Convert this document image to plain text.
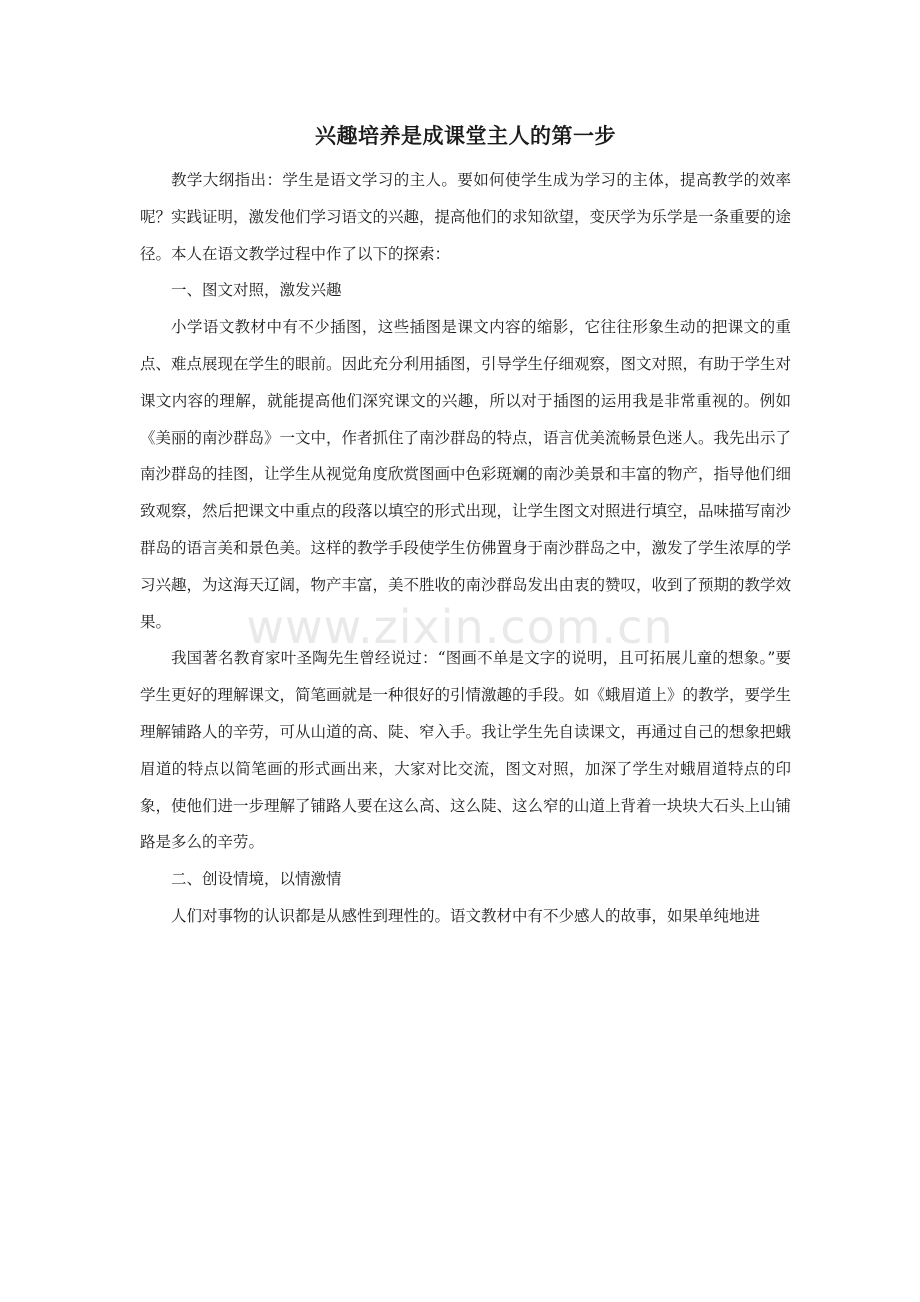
兴趣培养是成课堂主人的第一步

教学大纲指出：学生是语文学习的主人。要如何使学生成为学习的主体，提高教学的效率呢？实践证明，激发他们学习语文的兴趣，提高他们的求知欲望，变厌学为乐学是一条重要的途径。本人在语文教学过程中作了以下的探索：

一、图文对照，激发兴趣

小学语文教材中有不少插图，这些插图是课文内容的缩影，它往往形象生动的把课文的重点、难点展现在学生的眼前。因此充分利用插图，引导学生仔细观察，图文对照，有助于学生对课文内容的理解，就能提高他们深究课文的兴趣，所以对于插图的运用我是非常重视的。例如《美丽的南沙群岛》一文中，作者抓住了南沙群岛的特点，语言优美流畅景色迷人。我先出示了南沙群岛的挂图，让学生从视觉角度欣赏图画中色彩斑斓的南沙美景和丰富的物产，指导他们细致观察，然后把课文中重点的段落以填空的形式出现，让学生图文对照进行填空，品味描写南沙群岛的语言美和景色美。这样的教学手段使学生仿佛置身于南沙群岛之中，激发了学生浓厚的学习兴趣，为这海天辽阔，物产丰富，美不胜收的南沙群岛发出由衷的赞叹，收到了预期的教学效果。

我国著名教育家叶圣陶先生曾经说过：“图画不单是文字的说明，且可拓展儿童的想象。”要学生更好的理解课文，简笔画就是一种很好的引情激趣的手段。如《蛾眉道上》的教学，要学生理解铺路人的辛劳，可从山道的高、陡、窄入手。我让学生先自读课文，再通过自己的想象把蛾眉道的特点以简笔画的形式画出来，大家对比交流，图文对照，加深了学生对蛾眉道特点的印象，使他们进一步理解了铺路人要在这么高、这么陡、这么窄的山道上背着一块块大石头上山铺路是多么的辛劳。

二、创设情境，以情激情

人们对事物的认识都是从感性到理性的。语文教材中有不少感人的故事，如果单纯地进

www.zixin.com.cn
